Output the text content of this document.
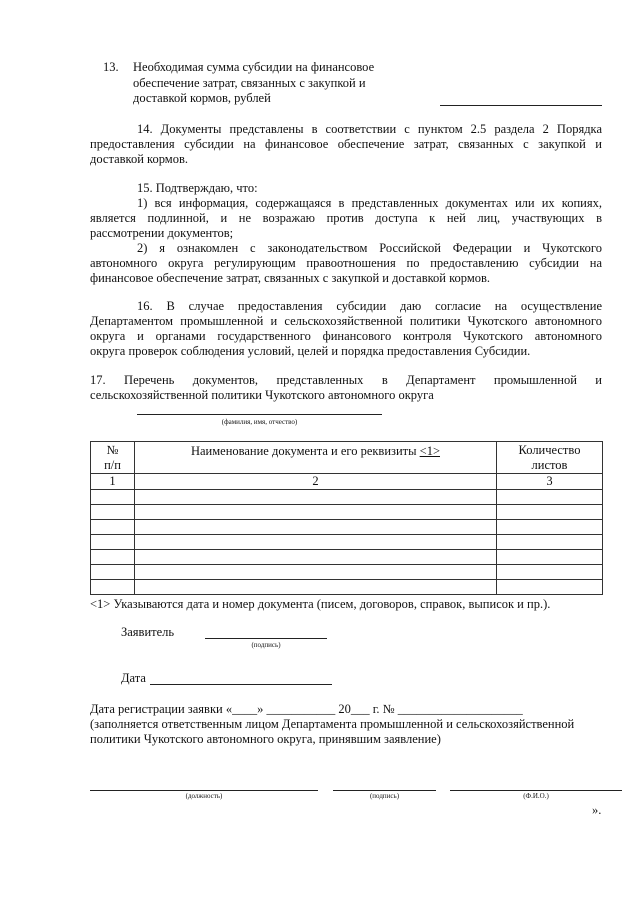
13. Необходимая сумма субсидии на финансовое
обеспечение затрат, связанных с закупкой и
доставкой кормов, рублей
14. Документы представлены в соответствии с пунктом 2.5 раздела 2 Порядка
предоставления субсидии на финансовое обеспечение затрат, связанных с закупкой и
доставкой кормов.
15. Подтверждаю, что:
1) вся информация, содержащаяся в представленных документах или их копиях,
является подлинной, и не возражаю против доступа к ней лиц, участвующих в
рассмотрении документов;
2) я ознакомлен с законодательством Российской Федерации и Чукотского
автономного округа регулирующим правоотношения по предоставлению субсидии на
финансовое обеспечение затрат, связанных с закупкой и доставкой кормов.
16. В случае предоставления субсидии даю согласие на осуществление
Департаментом промышленной и сельскохозяйственной политики Чукотского автономного
округа и органами государственного финансового контроля Чукотского автономного
округа проверок соблюдения условий, целей и порядка предоставления Субсидии.
17. Перечень документов, представленных в Департамент промышленной и
сельскохозяйственной политики Чукотского автономного округа
(фамилия, имя, отчество)
№
п/п	Наименование документа и его реквизиты <1>	Количество
листов
1	2	3

<1> Указываются дата и номер документа (писем, договоров, справок, выписок и пр.).
Заявитель
(подпись)
Дата
Дата регистрации заявки «____» ___________ 20___ г. № ____________________
(заполняется ответственным лицом Департамента промышленной и сельскохозяйственной
политики Чукотского автономного округа, принявшим заявление)
(должность)	(подпись)	(Ф.И.О.)
».
